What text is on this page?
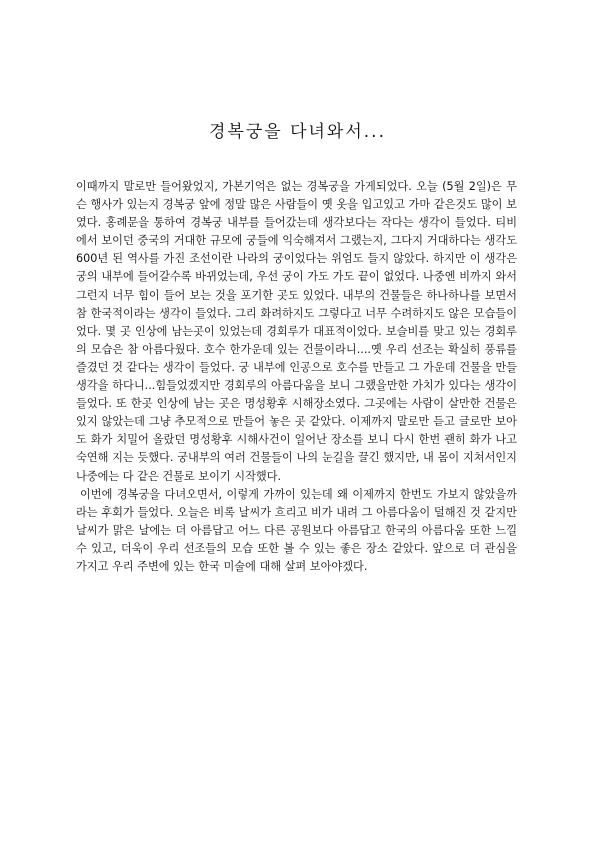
경복궁을 다녀와서...

이때까지 말로만 들어왔었지, 가본기억은 없는 경복궁을 가게되었다. 오늘 (5월 2일)은 무슨 행사가 있는지 경복궁 앞에 정말 많은 사람들이 옛 옷을 입고있고 가마 같은것도 많이 보였다. 홍례문을 통하여 경복궁 내부를 들어갔는데 생각보다는 작다는 생각이 들었다. 티비에서 보이던 중국의 거대한 규모에 궁들에 익숙해져서 그랬는지, 그다지 거대하다는 생각도 600년 된 역사를 가진 조선이란 나라의 궁이었다는 위엄도 들지 않았다. 하지만 이 생각은 궁의 내부에 들어갈수록 바뀌었는데, 우선 궁이 가도 가도 끝이 없었다. 나중엔 비까지 와서 그런지 너무 힘이 들어 보는 것을 포기한 곳도 있었다. 내부의 건물들은 하나하나를 보면서 참 한국적이라는 생각이 들었다. 그리 화려하지도 그렇다고 너무 수려하지도 않은 모습들이었다. 몇 곳 인상에 남는곳이 있었는데 경회루가 대표적이었다. 보슬비를 맞고 있는 경회루의 모습은 참 아름다웠다. 호수 한가운데 있는 건물이라니....옛 우리 선조는 확실히 풍류를 즐겼던 것 같다는 생각이 들었다. 궁 내부에 인공으로 호수를 만들고 그 가운데 건물을 만들 생각을 하다니...힘들었겠지만 경회루의 아름다움을 보니 그랬을만한 가치가 있다는 생각이 들었다. 또 한곳 인상에 남는 곳은 명성황후 시해장소였다. 그곳에는 사람이 살만한 건물은 있지 않았는데 그냥 추모적으로 만들어 놓은 곳 같았다. 이제까지 말로만 듣고 글로만 보아도 화가 치밀어 올랐던 명성황후 시해사건이 일어난 장소를 보니 다시 한번 괜히 화가 나고 숙연해 지는 듯했다. 궁내부의 여러 건물들이 나의 눈길을 끌긴 했지만, 내 몸이 지쳐서인지 나중에는 다 같은 건물로 보이기 시작했다.

이번에 경복궁을 다녀오면서, 이렇게 가까이 있는데 왜 이제까지 한번도 가보지 않았을까 라는 후회가 들었다. 오늘은 비록 날씨가 흐리고 비가 내려 그 아름다움이 덜해진 것 같지만 날씨가 맑은 날에는 더 아름답고 어느 다른 공원보다 아름답고 한국의 아름다움 또한 느낄 수 있고, 더욱이 우리 선조들의 모습 또한 볼 수 있는 좋은 장소 같았다. 앞으로 더 관심을 가지고 우리 주변에 있는 한국 미술에 대해 살펴 보아야겠다.
